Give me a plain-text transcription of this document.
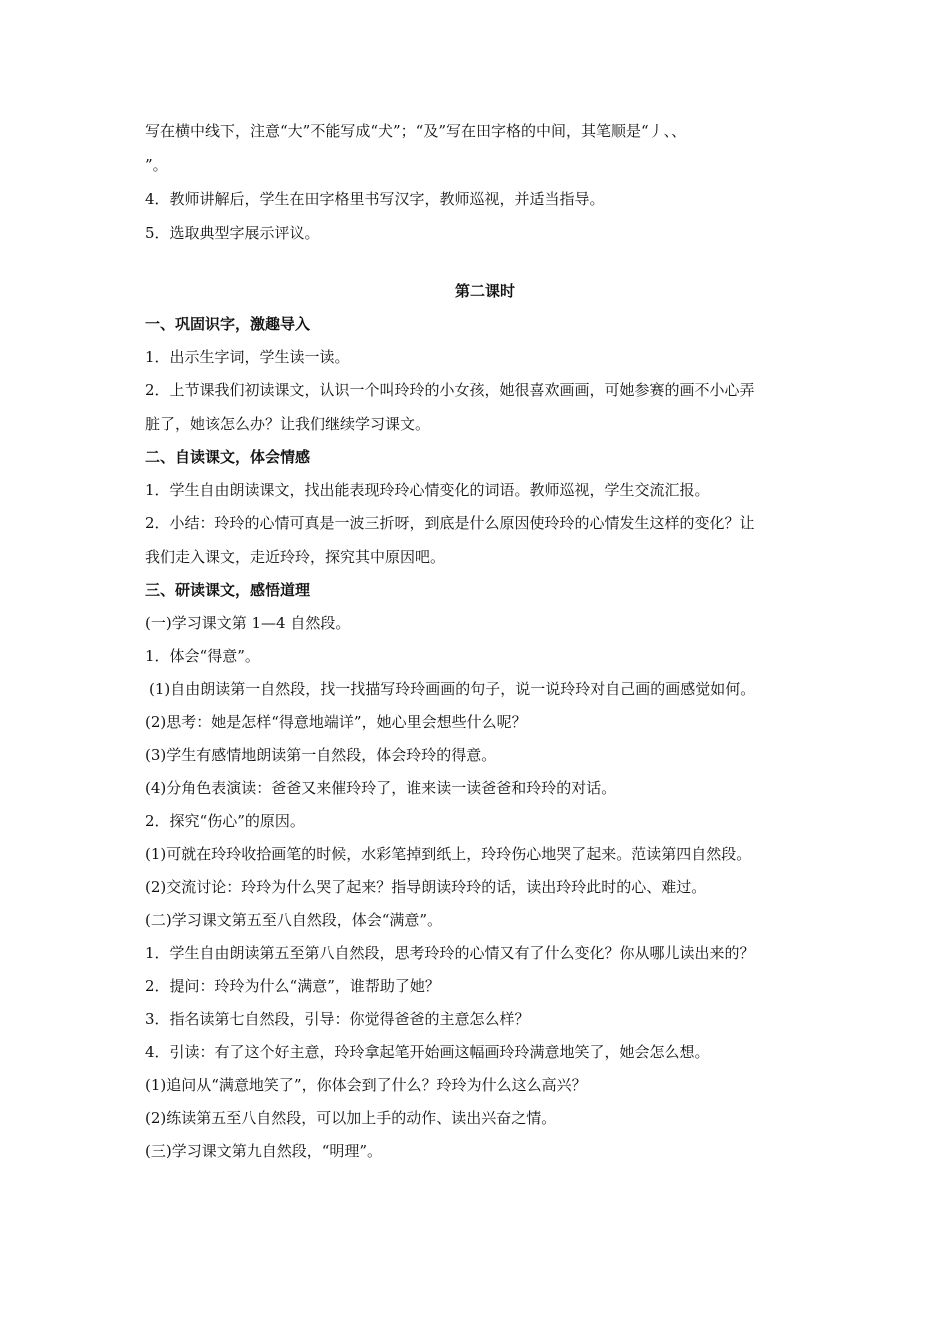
写在横中线下，注意“大”不能写成“犬”；“及”写在田字格的中间，其笔顺是“丿、、
”。
4．教师讲解后，学生在田字格里书写汉字，教师巡视，并适当指导。
5．选取典型字展示评议。
第二课时
一、巩固识字，激趣导入
1．出示生字词，学生读一读。
2．上节课我们初读课文，认识一个叫玲玲的小女孩，她很喜欢画画，可她参赛的画不小心弄
脏了，她该怎么办？让我们继续学习课文。
二、自读课文，体会情感
1．学生自由朗读课文，找出能表现玲玲心情变化的词语。教师巡视，学生交流汇报。
2．小结：玲玲的心情可真是一波三折呀，到底是什么原因使玲玲的心情发生这样的变化？让
我们走入课文，走近玲玲，探究其中原因吧。
三、研读课文，感悟道理
(一)学习课文第 1—4 自然段。
1．体会“得意”。
(1)自由朗读第一自然段，找一找描写玲玲画画的句子，说一说玲玲对自己画的画感觉如何。
(2)思考：她是怎样“得意地端详”，她心里会想些什么呢？
(3)学生有感情地朗读第一自然段，体会玲玲的得意。
(4)分角色表演读：爸爸又来催玲玲了，谁来读一读爸爸和玲玲的对话。
2．探究“伤心”的原因。
(1)可就在玲玲收拾画笔的时候，水彩笔掉到纸上，玲玲伤心地哭了起来。范读第四自然段。
(2)交流讨论：玲玲为什么哭了起来？指导朗读玲玲的话，读出玲玲此时的心、难过。
(二)学习课文第五至八自然段，体会“满意”。
1．学生自由朗读第五至第八自然段，思考玲玲的心情又有了什么变化？你从哪儿读出来的？
2．提问：玲玲为什么“满意”，谁帮助了她？
3．指名读第七自然段，引导：你觉得爸爸的主意怎么样？
4．引读：有了这个好主意，玲玲拿起笔开始画这幅画玲玲满意地笑了，她会怎么想。
(1)追问从“满意地笑了”，你体会到了什么？玲玲为什么这么高兴？
(2)练读第五至八自然段，可以加上手的动作、读出兴奋之情。
(三)学习课文第九自然段，“明理”。
